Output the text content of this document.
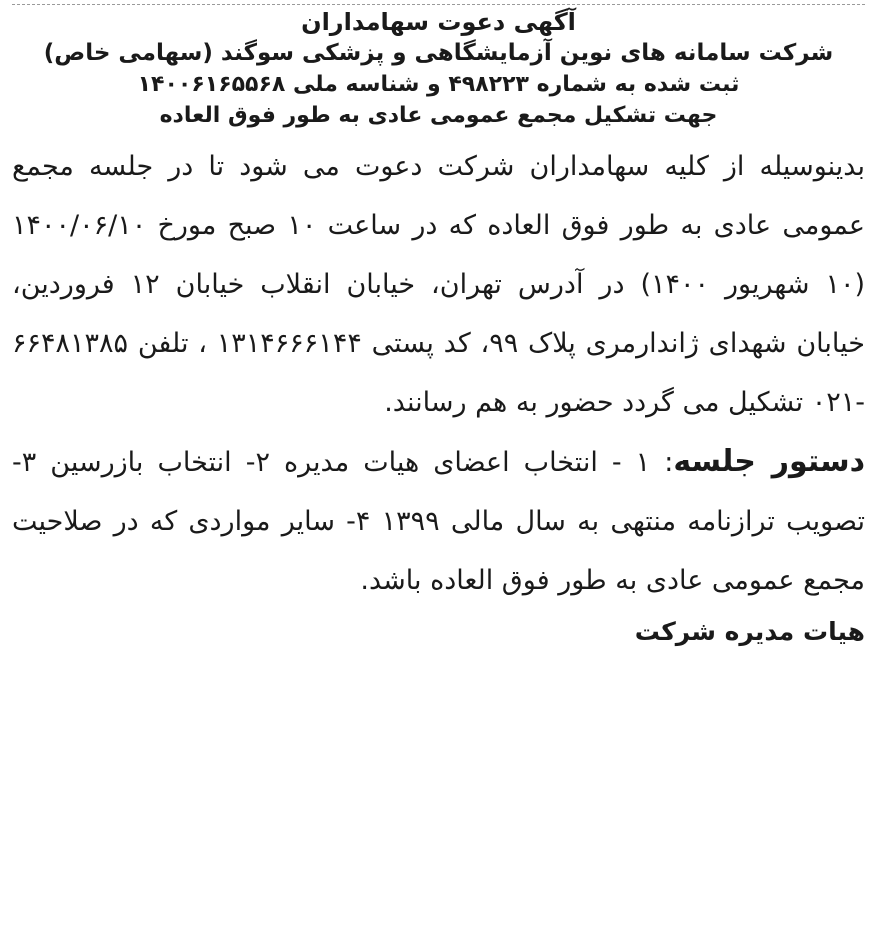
آگهی دعوت سهامداران
شرکت سامانه های نوین آزمایشگاهی و پزشکی سوگند (سهامی خاص)
ثبت شده به شماره ۴۹۸۲۲۳ و شناسه ملی ۱۴۰۰۶۱۶۵۵۶۸
جهت تشکیل مجمع عمومی عادی به طور فوق العاده

بدینوسیله از کلیه سهامداران شرکت دعوت می شود تا در جلسه مجمع عمومی عادی به طور فوق العاده که در ساعت ۱۰ صبح مورخ ۱۴۰۰/۰۶/۱۰ (۱۰ شهریور ۱۴۰۰) در آدرس تهران، خیابان انقلاب خیابان ۱۲ فروردین، خیابان شهدای ژاندارمری پلاک ۹۹، کد پستی ۱۳۱۴۶۶۶۱۴۴ ، تلفن ۶۶۴۸۱۳۸۵ -۰۲۱ تشکیل می گردد حضور به هم رسانند.

دستور جلسه: ۱ - انتخاب اعضای هیات مدیره ۲- انتخاب بازرسین ۳- تصویب ترازنامه منتهی به سال مالی ۱۳۹۹ ۴- سایر مواردی که در صلاحیت مجمع عمومی عادی به طور فوق العاده باشد.

هیات مدیره شرکت
